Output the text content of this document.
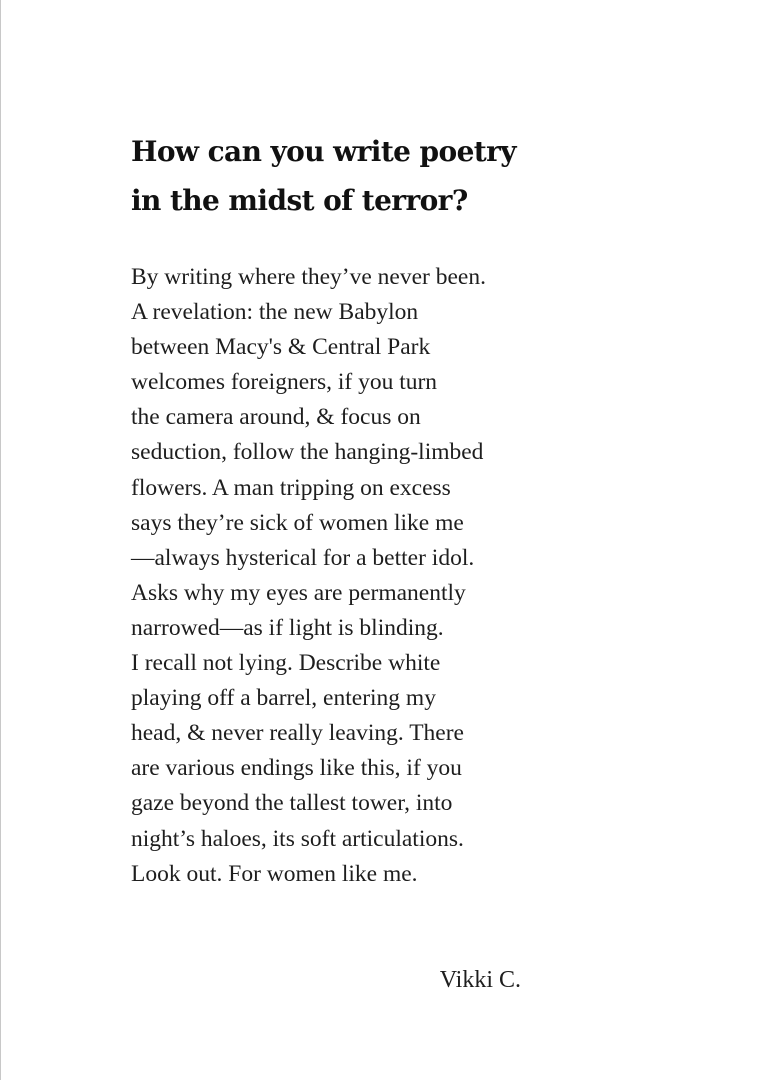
How can you write poetry
in the midst of terror?
By writing where they’ve never been.
A revelation: the new Babylon
between Macy's & Central Park
welcomes foreigners, if you turn
the camera around, & focus on
seduction, follow the hanging-limbed
flowers. A man tripping on excess
says they’re sick of women like me
—always hysterical for a better idol.
Asks why my eyes are permanently
narrowed—as if light is blinding.
I recall not lying. Describe white
playing off a barrel, entering my
head, & never really leaving. There
are various endings like this, if you
gaze beyond the tallest tower, into
night’s haloes, its soft articulations.
Look out. For women like me.

Vikki C.
